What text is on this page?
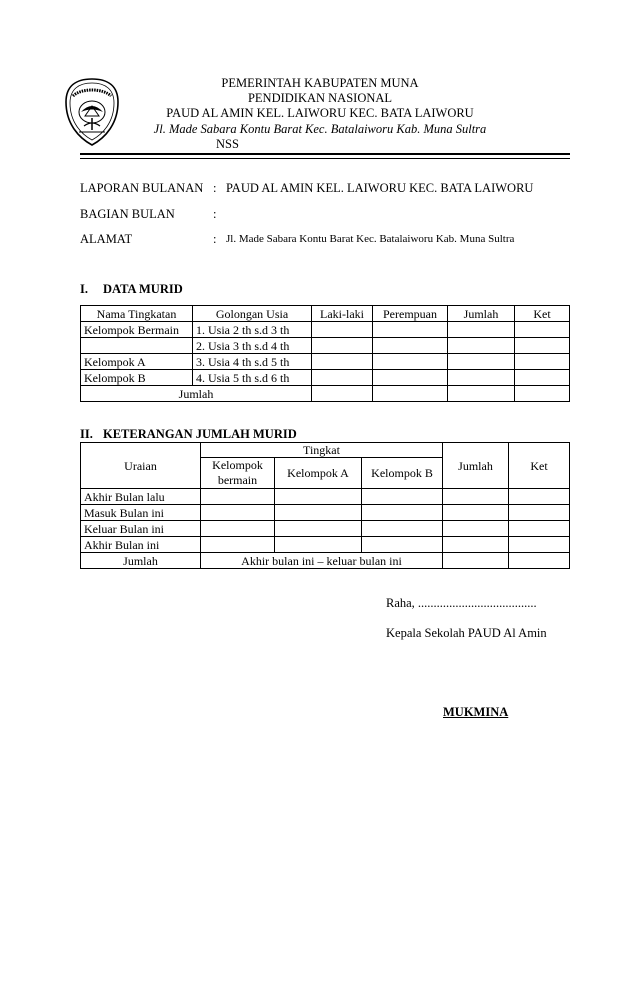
PEMERINTAH KABUPATEN MUNA
PENDIDIKAN NASIONAL
PAUD AL AMIN KEL. LAIWORU KEC. BATA LAIWORU
Jl. Made Sabara Kontu Barat Kec. Batalaiworu Kab. Muna Sultra
NSS
LAPORAN BULANAN : PAUD AL AMIN KEL. LAIWORU KEC. BATA LAIWORU
BAGIAN BULAN	:
ALAMAT	: Jl. Made Sabara Kontu Barat Kec. Batalaiworu Kab. Muna Sultra
I. DATA MURID
Nama Tingkatan	Golongan Usia	Laki-laki	Perempuan	Jumlah	Ket
Kelompok Bermain	1. Usia 2 th s.d 3 th				
	2. Usia 3 th s.d 4 th				
Kelompok A	3. Usia 4 th s.d 5 th				
Kelompok B	4. Usia 5 th s.d 6 th				
Jumlah					
II. KETERANGAN JUMLAH MURID
Uraian	Tingkat			Jumlah	Ket

	Kelompok
bermain	Kelompok A	Kelompok B		
Akhir Bulan lalu					
Masuk Bulan ini					
Keluar Bulan ini					
Akhir Bulan ini					
Jumlah	Akhir bulan ini – keluar bulan ini				
Raha, ......................................
Kepala Sekolah PAUD Al Amin
MUKMINA
